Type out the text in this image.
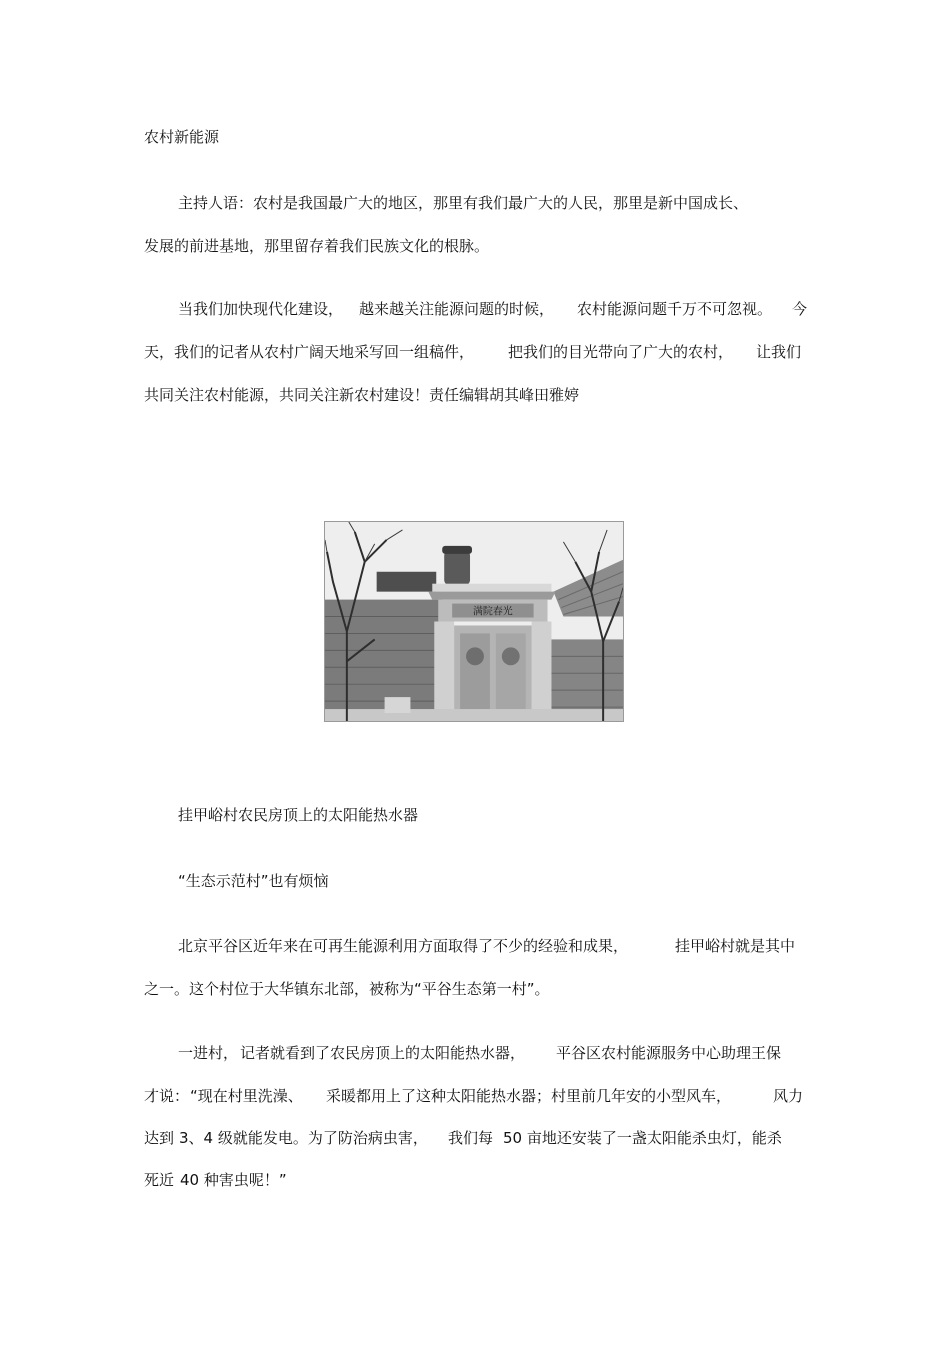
农村新能源
主持人语：农村是我国最广大的地区，那里有我们最广大的人民，那里是新中国成长、
发展的前进基地，那里留存着我们民族文化的根脉。
当我们加快现代化建设， 越来越关注能源问题的时候， 农村能源问题千万不可忽视。 今
天，我们的记者从农村广阔天地采写回一组稿件， 把我们的目光带向了广大的农村， 让我们
共同关注农村能源，共同关注新农村建设！责任编辑胡其峰田雅婷
满院春光
挂甲峪村农民房顶上的太阳能热水器
“生态示范村”也有烦恼
北京平谷区近年来在可再生能源利用方面取得了不少的经验和成果，	挂甲峪村就是其中
之一。这个村位于大华镇东北部，被称为“平谷生态第一村”。
一进村， 记者就看到了农民房顶上的太阳能热水器， 平谷区农村能源服务中心助理王保
才说： “现在村里洗澡、 采暖都用上了这种太阳能热水器；村里前几年安的小型风车，	风力
达到 3、4 级就能发电。为了防治病虫害， 我们每 50 亩地还安装了一盏太阳能杀虫灯，能杀
死近 40 种害虫呢！”
